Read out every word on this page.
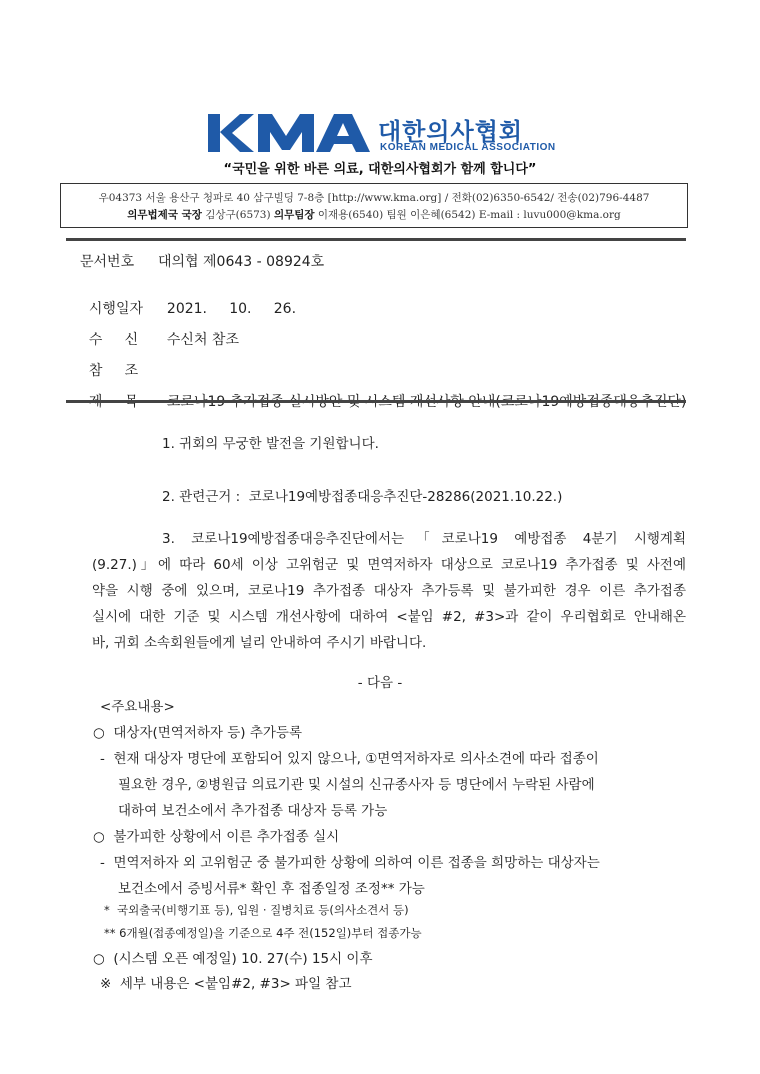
KMA
대한의사협회
KOREAN MEDICAL ASSOCIATION
“국민을 위한 바른 의료, 대한의사협회가 함께 합니다”
우04373 서울 용산구 청파로 40 삼구빌딩 7-8층 [http://www.kma.org] / 전화(02)6350-6542/ 전송(02)796-4487
의무법제국 국장 김상구(6573) 의무팀장 이재용(6540) 팀원 이은혜(6542) E-mail : luvu000@kma.org
문서번호 대의협 제0643 - 08924호

시행일자 2021.     10.     26.

수     신 수신처 참조

참     조

1. 귀회의 무궁한 발전을 기원합니다.
2. 관련근거 :  코로나19예방접종대응추진단-28286(2021.10.22.)
3. 코로나19예방접종대응추진단에서는「코로나19 예방접종 4분기 시행계획
(9.27.)」에 따라 60세 이상 고위험군 및 면역저하자 대상으로 코로나19 추가접종 및 사전예
약을 시행 중에 있으며, 코로나19 추가접종 대상자 추가등록 및 불가피한 경우 이른 추가접종
실시에 대한 기준 및 시스템 개선사항에 대하여 <붙임 #2, #3>과 같이 우리협회로 안내해온
바, 귀회 소속회원들에게 널리 안내하여 주시기 바랍니다.
- 다음 -
<주요내용>
○  대상자(면역저하자 등) 추가등록
-  현재 대상자 명단에 포함되어 있지 않으나, ①면역저하자로 의사소견에 따라 접종이
필요한 경우, ②병원급 의료기관 및 시설의 신규종사자 등 명단에서 누락된 사람에
대하여 보건소에서 추가접종 대상자 등록 가능
○  불가피한 상황에서 이른 추가접종 실시
-  면역저하자 외 고위험군 중 불가피한 상황에 의하여 이른 접종을 희망하는 대상자는
보건소에서 증빙서류* 확인 후 접종일정 조정** 가능
*  국외출국(비행기표 등), 입원 · 질병치료 등(의사소견서 등)
** 6개월(접종예정일)을 기준으로 4주 전(152일)부터 접종가능
○  (시스템 오픈 예정일) 10. 27(수) 15시 이후
※  세부 내용은 <붙임#2, #3> 파일 참고
